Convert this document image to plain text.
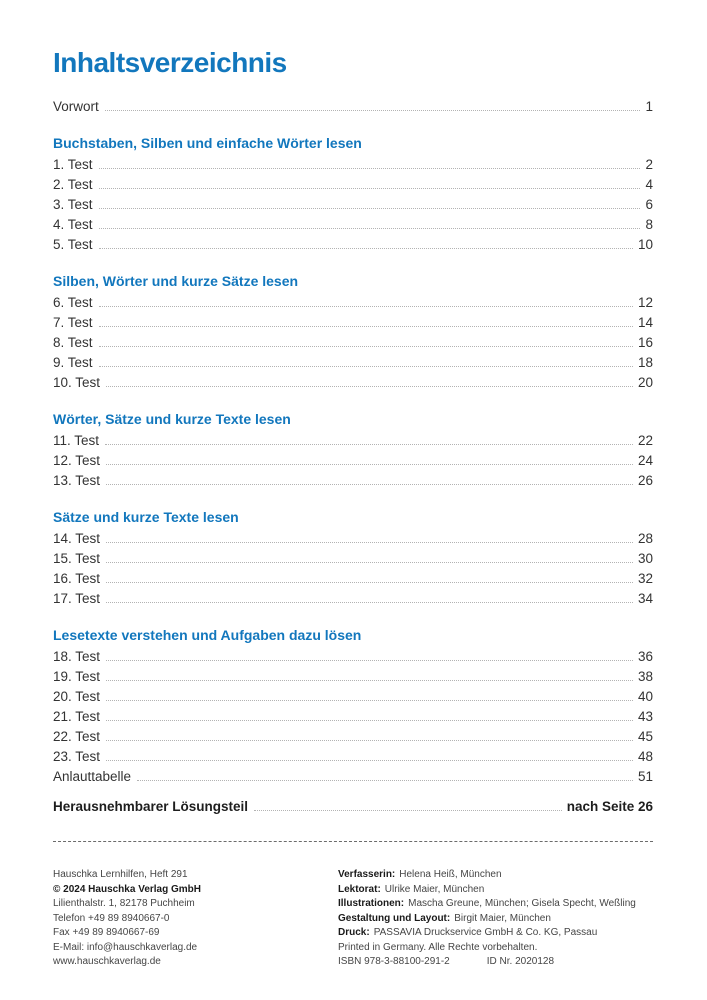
Inhaltsverzeichnis
Vorwort	1
Buchstaben, Silben und einfache Wörter lesen
1. Test	2
2. Test	4
3. Test	6
4. Test	8
5. Test	10
Silben, Wörter und kurze Sätze lesen
6. Test	12
7. Test	14
8. Test	16
9. Test	18
10. Test	20
Wörter, Sätze und kurze Texte lesen
11. Test	22
12. Test	24
13. Test	26
Sätze und kurze Texte lesen
14. Test	28
15. Test	30
16. Test	32
17. Test	34
Lesetexte verstehen und Aufgaben dazu lösen
18. Test	36
19. Test	38
20. Test	40
21. Test	43
22. Test	45
23. Test	48
Anlauttabelle	51
Herausnehmbarer Lösungsteil	nach Seite 26
Hauschka Lernhilfen, Heft 291
© 2024 Hauschka Verlag GmbH
Lilienthalstr. 1, 82178 Puchheim
Telefon +49 89 8940667-0
Fax +49 89 8940667-69
E-Mail: info@hauschkaverlag.de
www.hauschkaverlag.de
Verfasserin: Helena Heiß, München
Lektorat: Ulrike Maier, München
Illustrationen: Mascha Greune, München; Gisela Specht, Weßling
Gestaltung und Layout: Birgit Maier, München
Druck: PASSAVIA Druckservice GmbH & Co. KG, Passau
Printed in Germany. Alle Rechte vorbehalten.
ISBN 978-3-88100-291-2	ID Nr. 2020128
